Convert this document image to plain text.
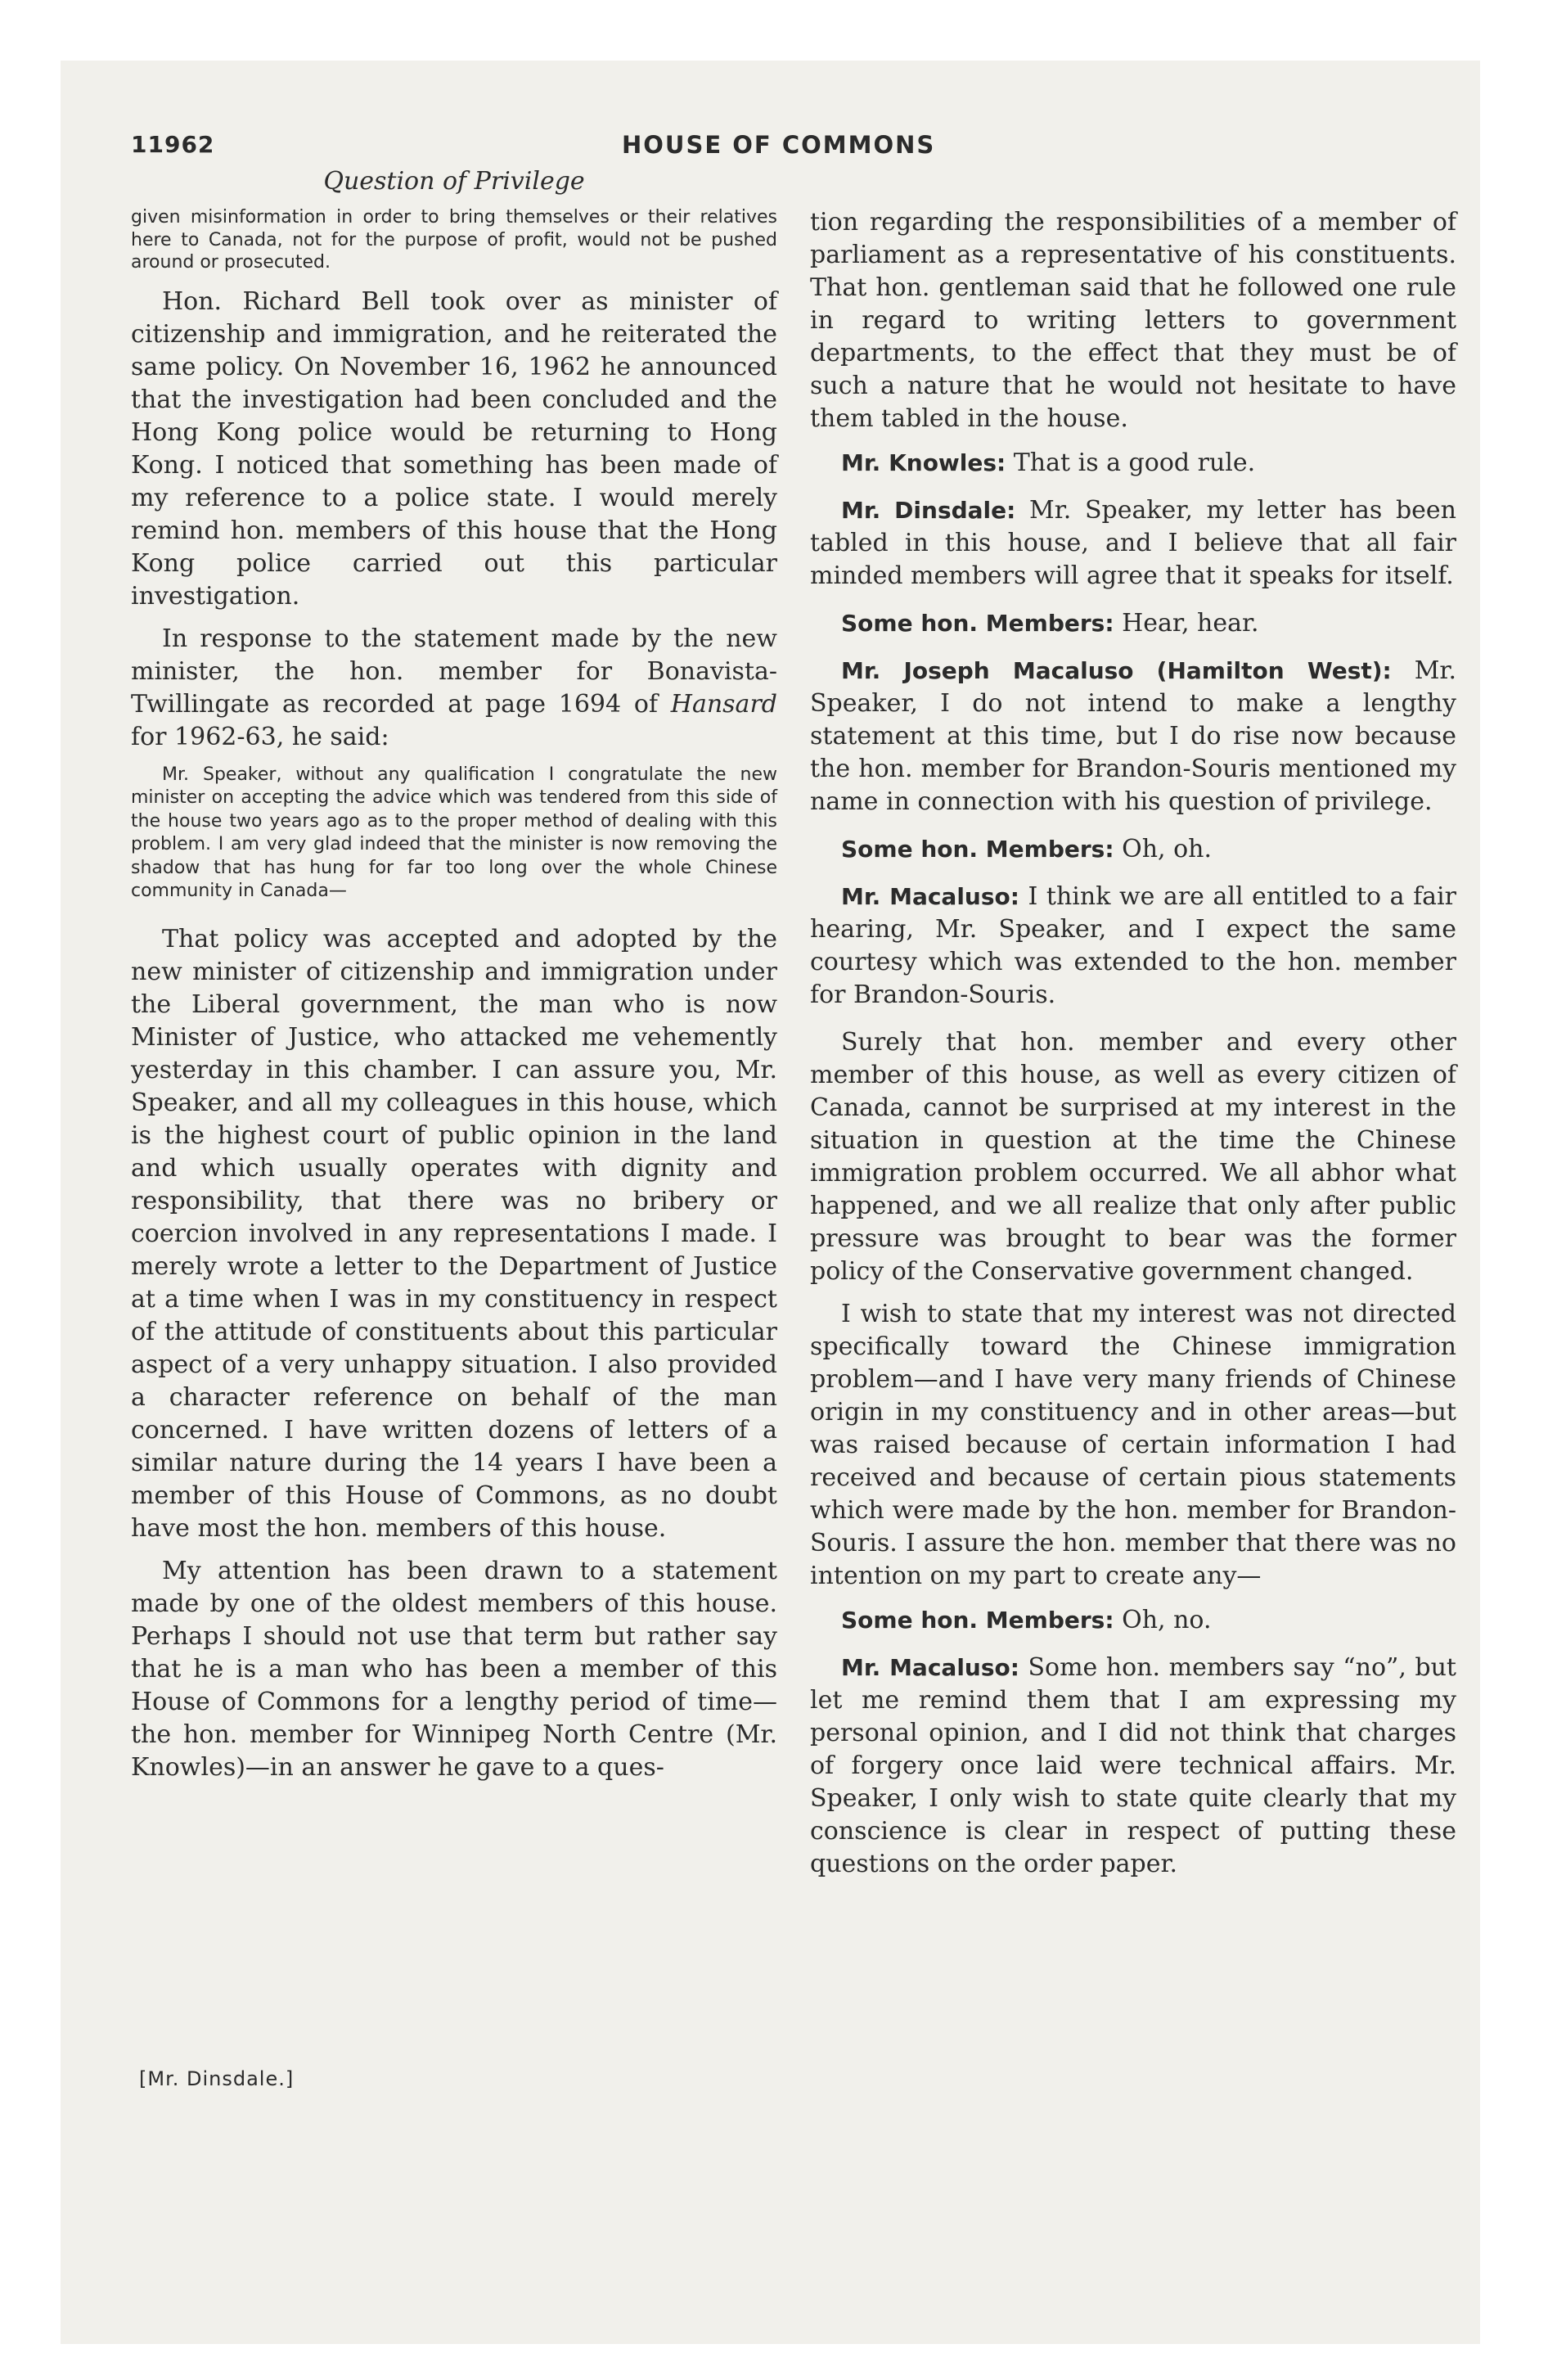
11962	HOUSE OF COMMONS
Question of Privilege

given misinformation in order to bring themselves or their relatives here to Canada, not for the purpose of profit, would not be pushed around or prosecuted.

Hon. Richard Bell took over as minister of citizenship and immigration, and he reiterated the same policy. On November 16, 1962 he announced that the investigation had been concluded and the Hong Kong police would be returning to Hong Kong. I noticed that something has been made of my reference to a police state. I would merely remind hon. members of this house that the Hong Kong police carried out this particular investigation.

In response to the statement made by the new minister, the hon. member for Bonavista-Twillingate as recorded at page 1694 of Hansard for 1962-63, he said:

Mr. Speaker, without any qualification I congratulate the new minister on accepting the advice which was tendered from this side of the house two years ago as to the proper method of dealing with this problem. I am very glad indeed that the minister is now removing the shadow that has hung for far too long over the whole Chinese community in Canada—

That policy was accepted and adopted by the new minister of citizenship and immigration under the Liberal government, the man who is now Minister of Justice, who attacked me vehemently yesterday in this chamber. I can assure you, Mr. Speaker, and all my colleagues in this house, which is the highest court of public opinion in the land and which usually operates with dignity and responsibility, that there was no bribery or coercion involved in any representations I made. I merely wrote a letter to the Department of Justice at a time when I was in my constituency in respect of the attitude of constituents about this particular aspect of a very unhappy situation. I also provided a character reference on behalf of the man concerned. I have written dozens of letters of a similar nature during the 14 years I have been a member of this House of Commons, as no doubt have most the hon. members of this house.

My attention has been drawn to a statement made by one of the oldest members of this house. Perhaps I should not use that term but rather say that he is a man who has been a member of this House of Commons for a lengthy period of time—the hon. member for Winnipeg North Centre (Mr. Knowles)—in an answer he gave to a ques-

tion regarding the responsibilities of a member of parliament as a representative of his constituents. That hon. gentleman said that he followed one rule in regard to writing letters to government departments, to the effect that they must be of such a nature that he would not hesitate to have them tabled in the house.

Mr. Knowles: That is a good rule.

Mr. Dinsdale: Mr. Speaker, my letter has been tabled in this house, and I believe that all fair minded members will agree that it speaks for itself.

Some hon. Members: Hear, hear.

Mr. Joseph Macaluso (Hamilton West): Mr. Speaker, I do not intend to make a lengthy statement at this time, but I do rise now because the hon. member for Brandon-Souris mentioned my name in connection with his question of privilege.

Some hon. Members: Oh, oh.

Mr. Macaluso: I think we are all entitled to a fair hearing, Mr. Speaker, and I expect the same courtesy which was extended to the hon. member for Brandon-Souris.

Surely that hon. member and every other member of this house, as well as every citizen of Canada, cannot be surprised at my interest in the situation in question at the time the Chinese immigration problem occurred. We all abhor what happened, and we all realize that only after public pressure was brought to bear was the former policy of the Conservative government changed.

I wish to state that my interest was not directed specifically toward the Chinese immigration problem—and I have very many friends of Chinese origin in my constituency and in other areas—but was raised because of certain information I had received and because of certain pious statements which were made by the hon. member for Brandon-Souris. I assure the hon. member that there was no intention on my part to create any—

Some hon. Members: Oh, no.

Mr. Macaluso: Some hon. members say “no”, but let me remind them that I am expressing my personal opinion, and I did not think that charges of forgery once laid were technical affairs. Mr. Speaker, I only wish to state quite clearly that my conscience is clear in respect of putting these questions on the order paper.

[Mr. Dinsdale.]
